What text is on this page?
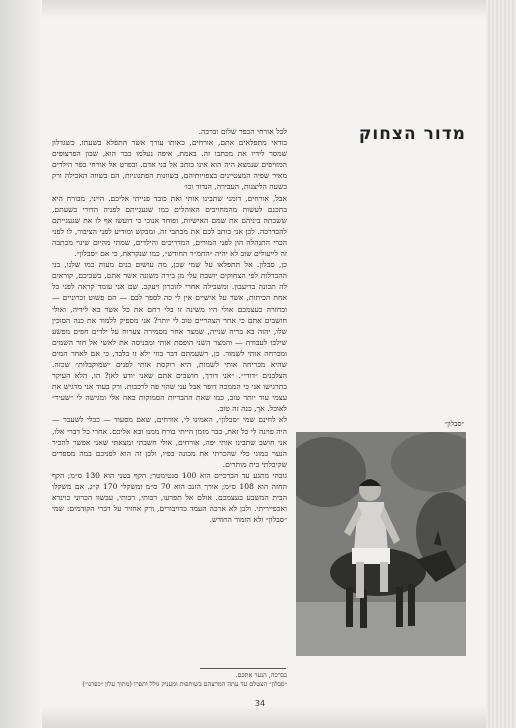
מדור הצחוק

לכל אורחי הכפר שלום וברכה.

בודאי מתפלאים אתם, אורחים, כאותו עורך אשר התפלא בשעתו, כשגדלון שמסר לידיו את מכתבו זה. באמת, איפה נעלמו כבר הוא, שבון הפרצופים המזויפים שנמצא היה הוא אינו כותב אל בני אדם. ובפרט אל אורחי כפר הילדים מאיר שפיה המצטיינים בצפויותיהם, בשוונות הפתגוניות, הם בשווה האכילה ורק בשעה הליצנות, העבירה, הנדוד וכו׳

אבל, אורחים, דומני שתבינו אותי ואת כובד פנייתי אליכם. הייני, מבורח היא בתכנם לעשות מהמחויבים האוהלים כמו שגעגייתם לפניה הדורי בשעתם, ששכתה ביניהם את שמם האישיות, ופוחד אנוכי כי דועשו אף לו את שגעגייתם להבדרכה. לכן אני כותב לכם את מכתבי זה, ומבקש ומודיע לפני הציבור, לו לפני הכרי התנהלה הון לפני המורים, המדריכים והילדים, שמתי מהיום שינוי מכתבה זה לייעולים שוב לא יהיה ״החמ״ר החודש״, כמו שנקראת, כי אם ״סבלון״.

כן, סבלון. אל תתפלאו על שמי שכן, מה עושים בנים מעות כמו שלנו, בני ההבדלות לפי הצחוקים יושבת עלי מן בירה משונה אשר אתם, בשביכם, קוראים לה תכונה בדיעבון. ומשבילה אחרי לזוכרון ויעקב. שם אני עומד קראה לפני כל אחת הכיתות, אשר על אישיים אין לי כה לספר לכם — הם פשוט זכרוניים — ובחזרה כעצמכם אולי היו משינה זו בלי רחם את כל אשר בא לידיה, ואולי חושבים אתם כי אחר הצהריים טוב לי יותר? אני מספיק ללמוד את כנה הסוכין שלו, יהוה בא בריה שנייה, שמצר אחר מסמירה צערוח על ילדים חפים מפשע שילכו לעבודה — והמצר השני הופסת אותי ומכניסה את לאשי אל חור השמים ומכרחה אותי לשמור. כן, רשעמתם דבר בוזי ילא זו בלבד, כי אם לאחר המים שהיא מכריחה אותי לשמות, היא רוקסת אותי לפנים ״שמוקבלות״ שכזה. הצלבנים ״דודי״. ״אני דורך, חושבים אתם שאני יודע לאן? הו, הלא העיקר בתרגישו אני כי הממכה דופר אבל עני שהוי פה לרכבות. ורק בעוד אני מרגיש את עצמי עוד יותר טוב, כמו שאת ההבדיות הסמוקות באה אלי ומגישה לי ״שעיר״ לאוכל. אך, כנה זה טוב.

לא לחינם שמי ״סבלון״, האמינו לי, אורחים, שאם מסעוד — כבלי לשעבר — היה פוינה לי כל זאת, כבר מזמן הייתי בורח ממנו ובא אליכם. אחרי כל דברי אלו, אני חושב שתבינו אותי יפה, אורחים, אולי חשבתי ומצאתי שאני אפשר להכיר הנער כמוני כלי שהכרתי את מכונה בפיו, ולכן זה הוא לפניכם במה מספרים שקיבלתי בית מותרים.

גובהי מתגע עד הברכיים הוא 100 סנטימטר; הקף בטני הוא 130 ס״מ; הקף החזה הוא 108 ס״מ; אורך הזנב הוא 70 ס״מ ומשקלי 170 ק״ג. אם משקלו הבית המשבע בעצמכם. אולם אל תפרעו, רבותי, רבותי, עבשוו הכרוני כוינדא ואכפייריתי. ולכן לא ארכה העמד כדויבורים, ורק אחזיר על דברי הקודמים: שמי ״סבלון״ ולא הזמור החודש.

״סבלון״

בברכה, הנער אתכם.

״סבלון״ הצטלם עד עתה המרצהם בשותפות ומעניק גולל ותפרו (מתוך עלון ״כפרנו״)

34
